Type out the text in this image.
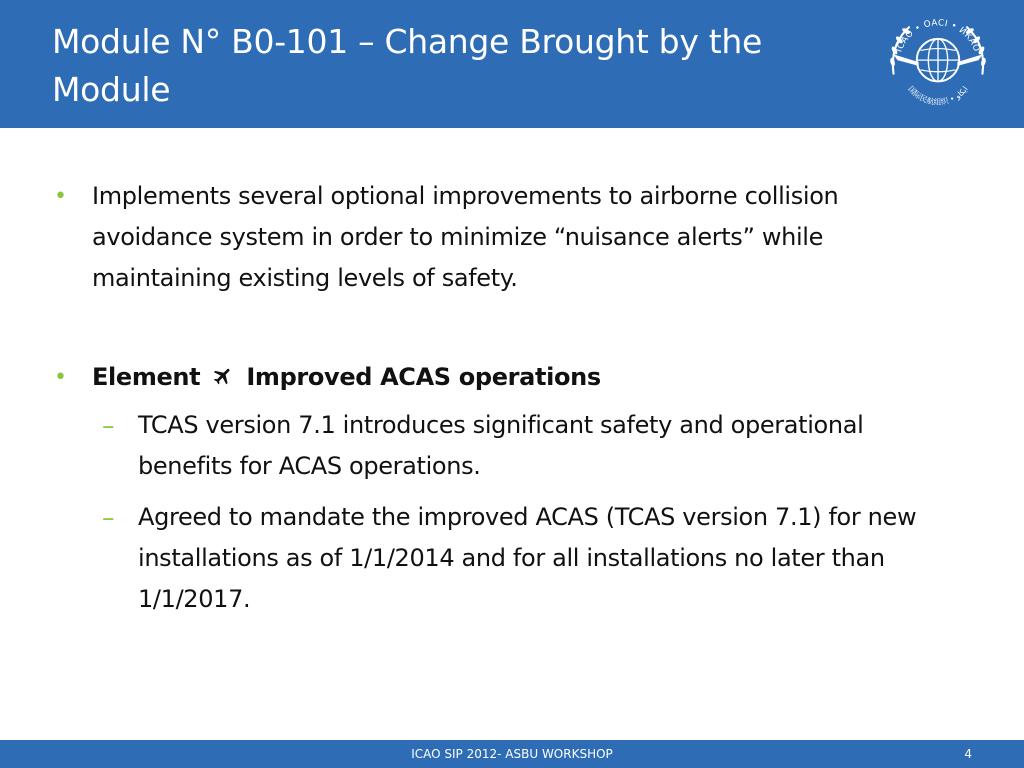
Module N° B0-101 – Change Brought by the Module
ICAO • OACI • ИКАО
国际民航组织 • ايكاو
• Implements several optional improvements to airborne collision avoidance system in order to minimize “nuisance alerts” while maintaining existing levels of safety.
• Element Improved ACAS operations
– TCAS version 7.1 introduces significant safety and operational benefits for ACAS operations.
– Agreed to mandate the improved ACAS (TCAS version 7.1) for new installations as of 1/1/2014 and for all installations no later than 1/1/2017.
ICAO SIP 2012- ASBU WORKSHOP	4
